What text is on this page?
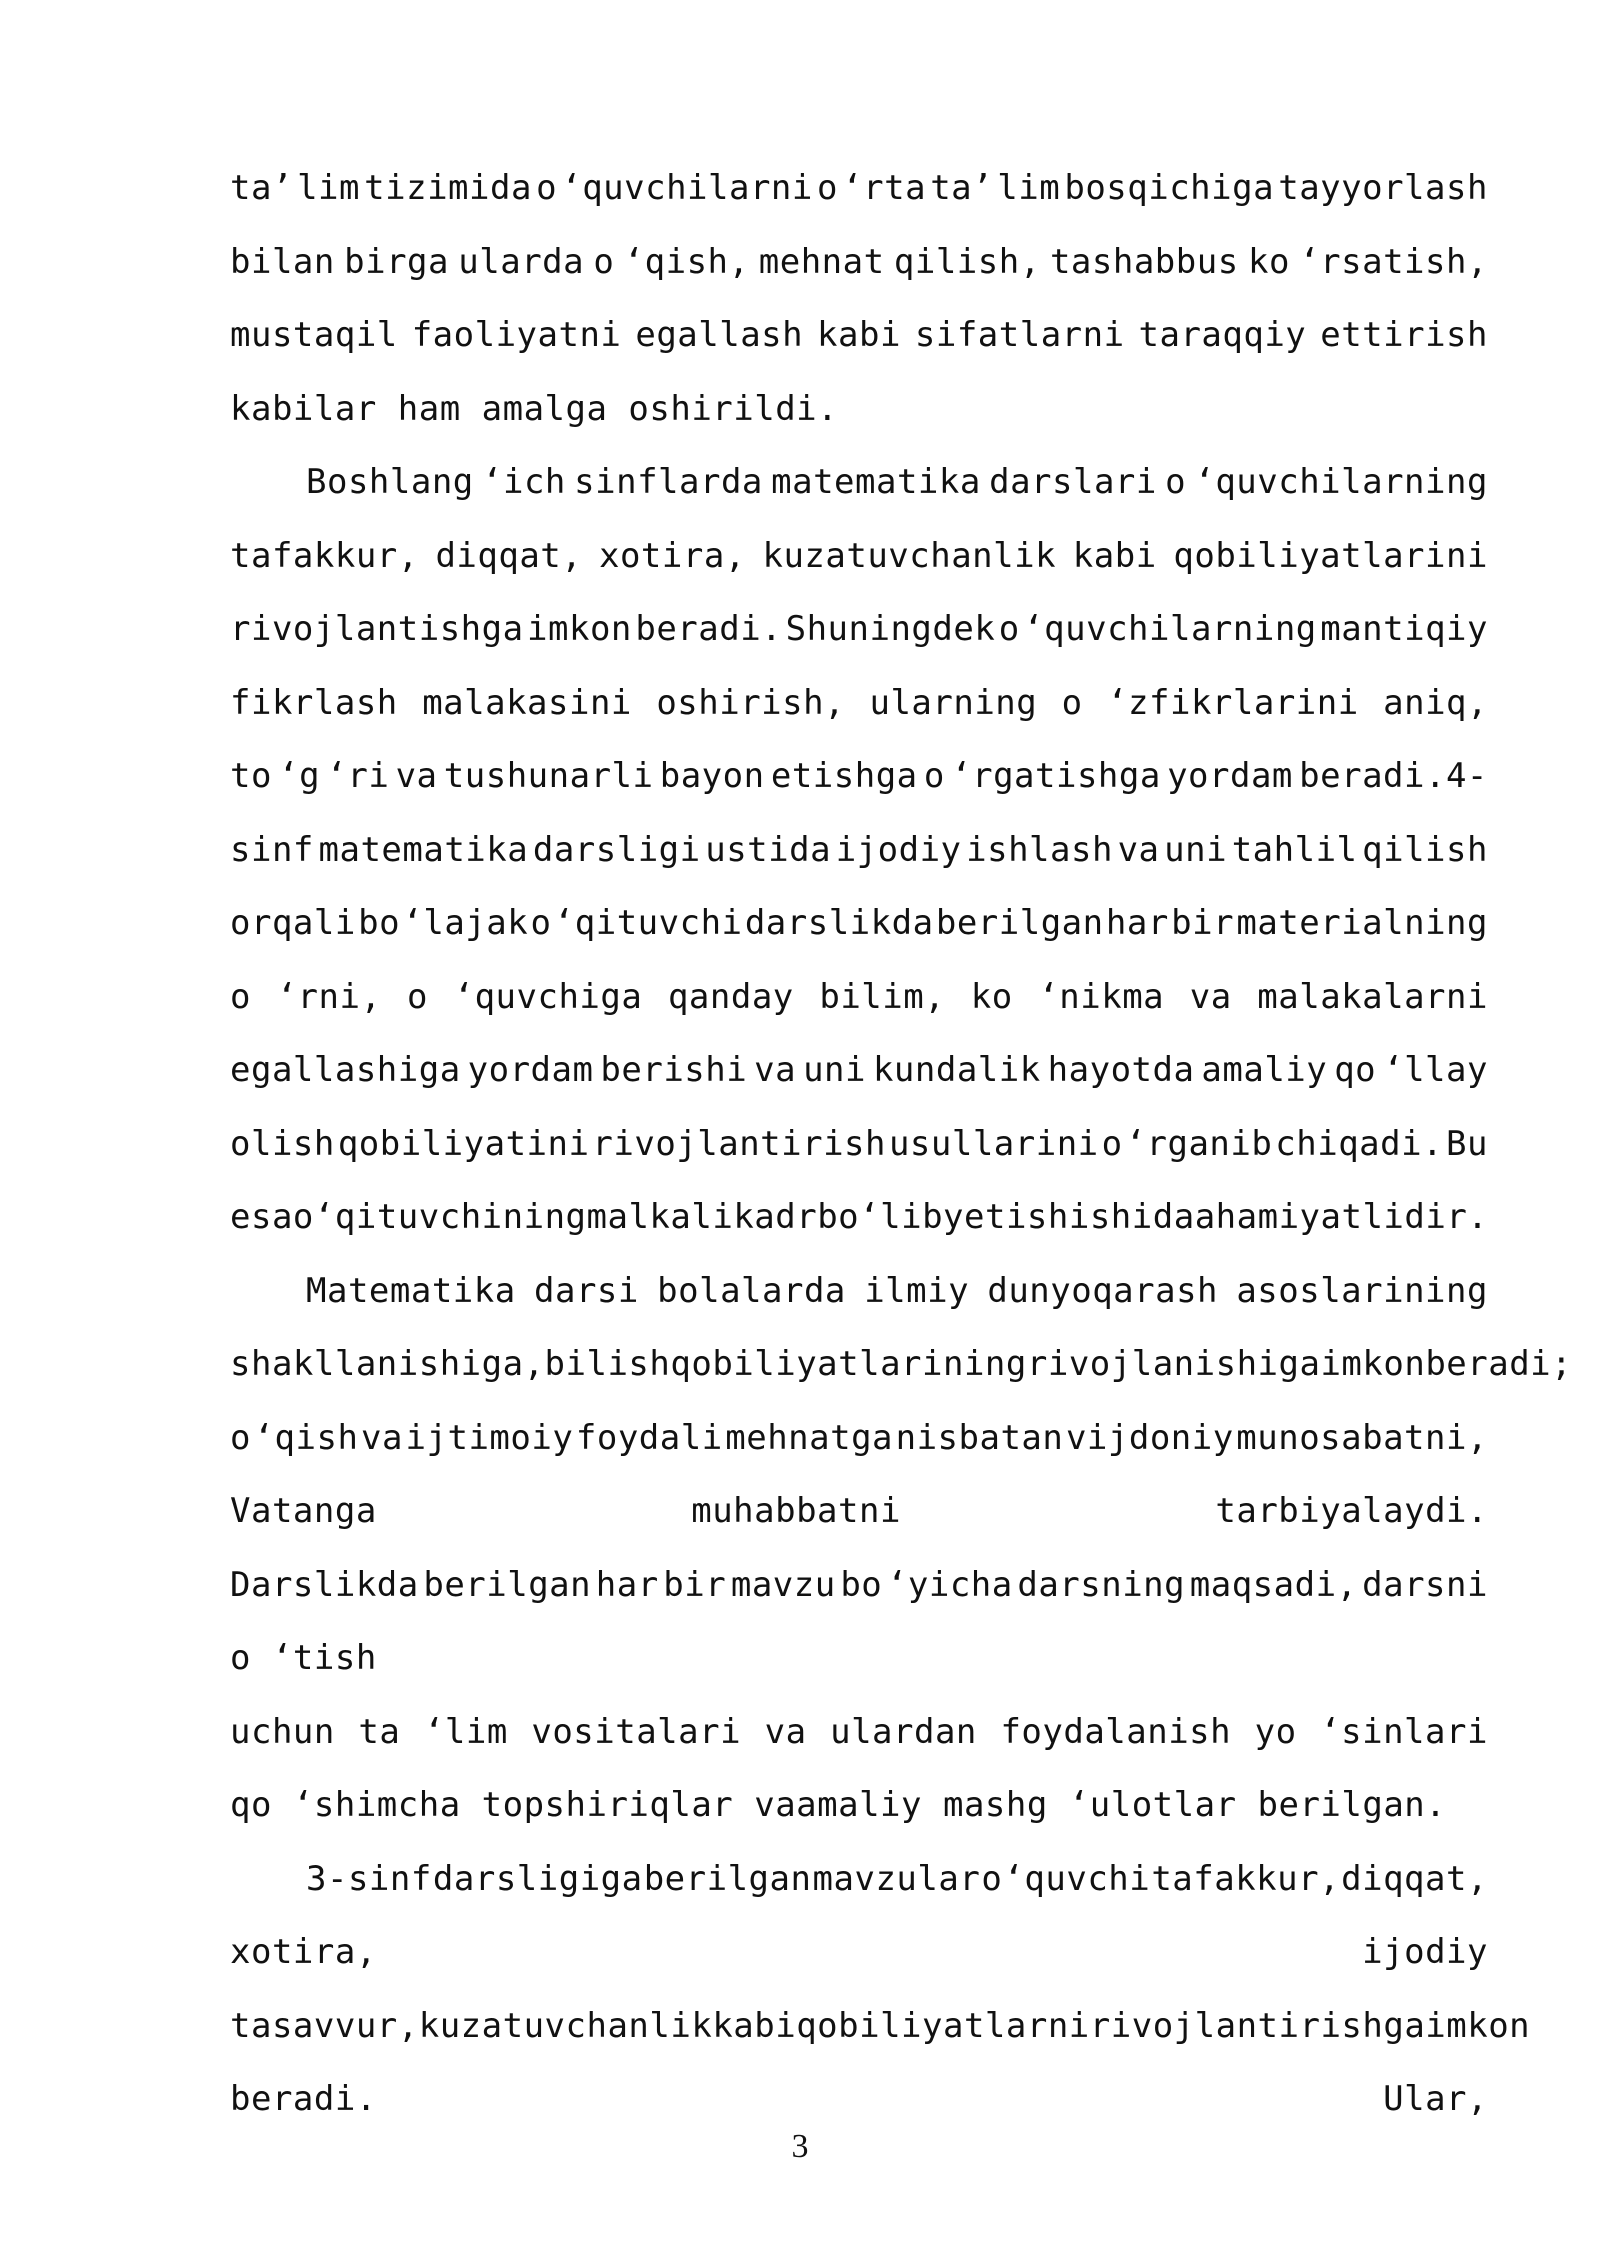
ta’ lim tizimida o ‘quvchilarni o ‘rta ta’ lim bosqichiga tayyorlash
bilan birga ularda o ‘qish, mehnat qilish, tashabbus ko ‘rsatish,
mustaqil faoliyatni egallash kabi sifatlarni taraqqiy ettirish
kabilar ham amalga oshirildi.
Boshlang ‘ich sinflarda matematika darslari o ‘quvchilarning
tafakkur, diqqat, xotira, kuzatuvchanlik kabi qobiliyatlarini
rivojlantishga imkon beradi. Shuningdek o ‘quvchilarning mantiqiy
fikrlash malakasini oshirish, ularning o ‘zfikrlarini aniq,
to ‘g ‘ri va tushunarli bayon etishga o ‘rgatishga yordam beradi.4-
sinf matematika darsligi ustida ijodiy ishlash va uni tahlil qilish
orqali bo ‘lajak o ‘qituvchi darslikda berilgan har bir materialning
o ‘rni, o ‘quvchiga qanday bilim, ko ‘nikma va malakalarni
egallashiga yordam berishi va uni kundalik hayotda amaliy qo ‘llay
olish qobiliyatini rivojlantirish usullarini o ‘rganib chiqadi. Bu
esa o ‘qituvchining malkali kadr bo ‘lib yetishishida ahamiyatlidir.
Matematika darsi bolalarda ilmiy dunyoqarash asoslarining
shakllanishiga, bilish qobiliyatlarining rivojlanishiga imkon beradi;
o ‘qish va ijtimoiy foydali mehnatga nisbatan vijdoniy munosabatni,
Vatanga	muhabbatni	tarbiyalaydi.
Darslikda berilgan har bir mavzu bo ‘yicha darsning maqsadi, darsni
o ‘tish
uchun ta ‘lim vositalari va ulardan foydalanish yo ‘sinlari
qo ‘shimcha topshiriqlar vaamaliy mashg ‘ulotlar berilgan.
3-sinf darsligiga berilgan mavzular o ‘quvchi tafakkur, diqqat,
xotira,	ijodiy
tasavvur, kuzatuvchanlik kabi qobiliyatlarni rivojlantirishga imkon
beradi.	Ular,
3
